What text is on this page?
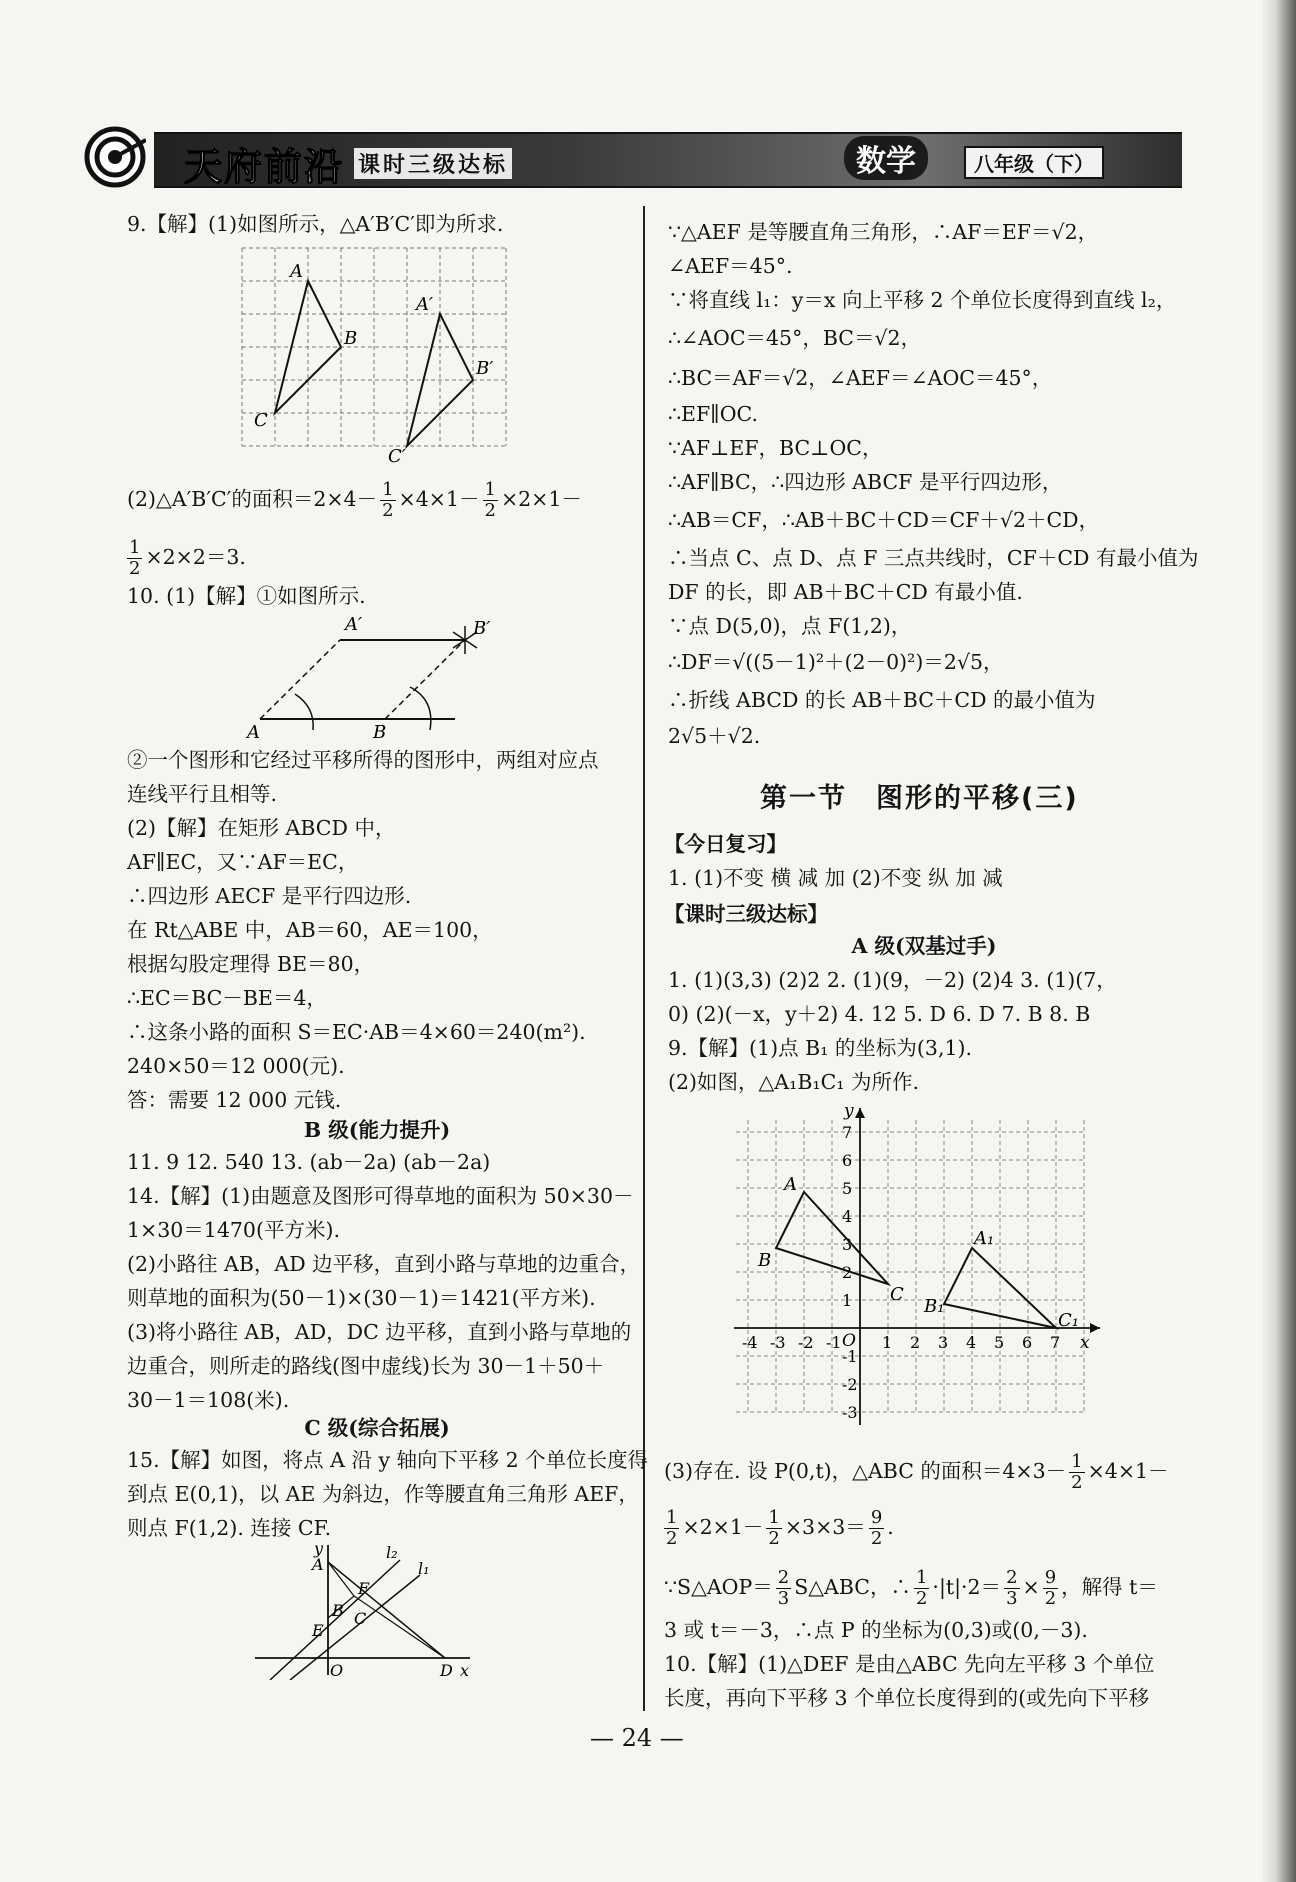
天府前沿 课时三级达标	数学	八年级（下）
9.【解】(1)如图所示，△A′B′C′即为所求.
A
B
C
A′
B′
C′
(2)△A′B′C′的面积$=2\times 4- \frac{1}{2} \times 4\times 1- \frac{1}{2} \times 2\times 1-$
$\frac{1}{2} \times 2\times 2=3$.
10. (1)【解】①如图所示.
A	B
A′	B′
②一个图形和它经过平移所得的图形中，两组对应点
连线平行且相等.
(2)【解】在矩形 ABCD 中，
AF∥EC，又∵AF＝EC，
∴四边形 AECF 是平行四边形.
在 Rt△ABE 中，AB＝60，AE＝100，
根据勾股定理得 BE＝80，
∴EC＝BC－BE＝4，
∴这条小路的面积 S＝EC·AB＝4×60＝240(m²).
240×50＝12 000(元).
答：需要 12 000 元钱.
B 级(能力提升)
11. 9 12. 540 13. (ab－2a) (ab－2a)
14.【解】(1)由题意及图形可得草地的面积为 50×30－
1×30＝1470(平方米).
(2)小路往 AB，AD 边平移，直到小路与草地的边重合，
则草地的面积为(50－1)×(30－1)＝1421(平方米).
(3)将小路往 AB，AD，DC 边平移，直到小路与草地的
边重合，则所走的路线(图中虚线)长为 30－1＋50＋
30－1＝108(米).
C 级(综合拓展)
15.【解】如图，将点 A 沿 y 轴向下平移 2 个单位长度得
到点 E(0,1)，以 AE 为斜边，作等腰直角三角形 AEF，
则点 F(1,2). 连接 CF.
y
A
l₂
l₁
F
B C
E
O	D x
∵△AEF 是等腰直角三角形，∴AF＝EF＝√2，
∠AEF＝45°.
∵将直线 l₁：y＝x 向上平移 2 个单位长度得到直线 l₂，
∴∠AOC＝45°，BC＝√2，
∴BC＝AF＝√2，∠AEF＝∠AOC＝45°，
∴EF∥OC.
∵AF⊥EF，BC⊥OC，
∴AF∥BC，∴四边形 ABCF 是平行四边形，
∴AB＝CF，∴AB＋BC＋CD＝CF＋√2＋CD，
∴当点 C、点 D、点 F 三点共线时，CF＋CD 有最小值为
DF 的长，即 AB＋BC＋CD 有最小值.
∵点 D(5,0)，点 F(1,2)，
∴DF＝√((5－1)²＋(2－0)²)＝2√5，
∴折线 ABCD 的长 AB＋BC＋CD 的最小值为
2√5＋√2.
第一节　图形的平移(三)
【今日复习】
1. (1)不变 横 减 加 (2)不变 纵 加 减
【课时三级达标】
A 级(双基过手)
1. (1)(3,3) (2)2 2. (1)(9，－2) (2)4 3. (1)(7，
0) (2)(－x，y＋2) 4. 12 5. D 6. D 7. B 8. B
9.【解】(1)点 B₁ 的坐标为(3,1).
(2)如图，△A₁B₁C₁ 为所作.
y
x
O
-4 -3 -2 -1	1 2 3 4 5 6 7
7
6
5
4
3
2
1
-1
-2
-3
A
B
C
A₁
B₁
C₁
(3)存在. 设 P(0,t)，△ABC 的面积$=4\times 3- \frac{1}{2} \times 4\times 1-$
$\frac{1}{2} \times 2\times 1- \frac{1}{2} \times 3\times 3= \frac{9}{2}$ .
∵S△AOP＝ $\frac{2}{3}$ S△ABC，∴ $\frac{1}{2} \cdot|t|\cdot 2= \frac{2}{3} \times \frac{9}{2}$ ，解得 t＝
3 或 t＝－3，∴点 P 的坐标为(0,3)或(0,－3).
10.【解】(1)△DEF 是由△ABC 先向左平移 3 个单位
长度，再向下平移 3 个单位长度得到的(或先向下平移
— 24 —
